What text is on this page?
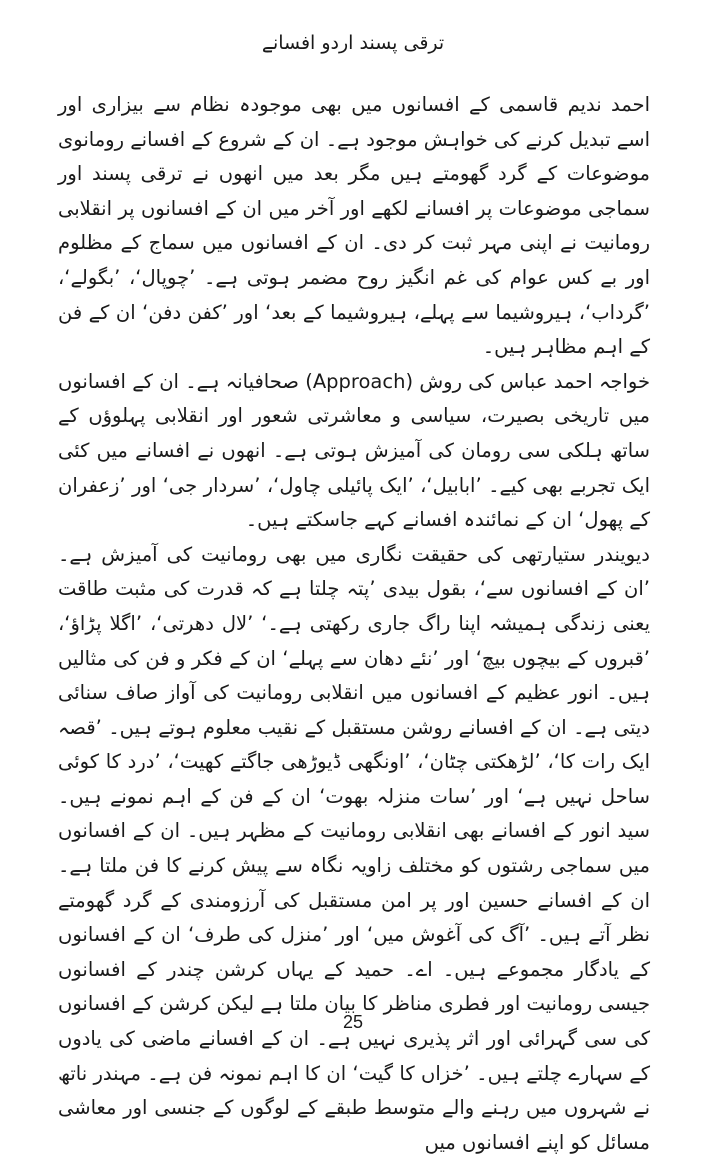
ترقی پسند اردو افسانے

احمد ندیم قاسمی کے افسانوں میں بھی موجودہ نظام سے بیزاری اور اسے تبدیل کرنے کی خواہش موجود ہے۔ ان کے شروع کے افسانے رومانوی موضوعات کے گرد گھومتے ہیں مگر بعد میں انھوں نے ترقی پسند اور سماجی موضوعات پر افسانے لکھے اور آخر میں ان کے افسانوں پر انقلابی رومانیت نے اپنی مہر ثبت کر دی۔ ان کے افسانوں میں سماج کے مظلوم اور بے کس عوام کی غم انگیز روح مضمر ہوتی ہے۔ ’چوپال‘، ’بگولے‘، ’گرداب‘، ہیروشیما سے پہلے، ہیروشیما کے بعد‘ اور ’کفن دفن‘ ان کے فن کے اہم مظاہر ہیں۔

خواجہ احمد عباس کی روش (Approach) صحافیانہ ہے۔ ان کے افسانوں میں تاریخی بصیرت، سیاسی و معاشرتی شعور اور انقلابی پہلوؤں کے ساتھ ہلکی سی رومان کی آمیزش ہوتی ہے۔ انھوں نے افسانے میں کئی ایک تجربے بھی کیے۔ ’ابابیل‘، ’ایک پائیلی چاول‘، ’سردار جی‘ اور ’زعفران کے پھول‘ ان کے نمائندہ افسانے کہے جاسکتے ہیں۔

دیویندر ستیارتھی کی حقیقت نگاری میں بھی رومانیت کی آمیزش ہے۔ ’ان کے افسانوں سے‘، بقول بیدی ’پتہ چلتا ہے کہ قدرت کی مثبت طاقت یعنی زندگی ہمیشہ اپنا راگ جاری رکھتی ہے۔‘ ’لال دھرتی‘، ’اگلا پڑاؤ‘، ’قبروں کے بیچوں بیچ‘ اور ’نئے دھان سے پہلے‘ ان کے فکر و فن کی مثالیں ہیں۔ انور عظیم کے افسانوں میں انقلابی رومانیت کی آواز صاف سنائی دیتی ہے۔ ان کے افسانے روشن مستقبل کے نقیب معلوم ہوتے ہیں۔ ’قصہ ایک رات کا‘، ’لڑھکتی چٹان‘، ’اونگھی ڈیوڑھی جاگتے کھیت‘، ’درد کا کوئی ساحل نہیں ہے‘ اور ’سات منزلہ بھوت‘ ان کے فن کے اہم نمونے ہیں۔ سید انور کے افسانے بھی انقلابی رومانیت کے مظہر ہیں۔ ان کے افسانوں میں سماجی رشتوں کو مختلف زاویہ نگاہ سے پیش کرنے کا فن ملتا ہے۔ ان کے افسانے حسین اور پر امن مستقبل کی آرزومندی کے گرد گھومتے نظر آتے ہیں۔ ’آگ کی آغوش میں‘ اور ’منزل کی طرف‘ ان کے افسانوں کے یادگار مجموعے ہیں۔ اے۔ حمید کے یہاں کرشن چندر کے افسانوں جیسی رومانیت اور فطری مناظر کا بیان ملتا ہے لیکن کرشن کے افسانوں کی سی گہرائی اور اثر پذیری نہیں ہے۔ ان کے افسانے ماضی کی یادوں کے سہارے چلتے ہیں۔ ’خزاں کا گیت‘ ان کا اہم نمونہ فن ہے۔ مہندر ناتھ نے شہروں میں رہنے والے متوسط طبقے کے لوگوں کے جنسی اور معاشی مسائل کو اپنے افسانوں میں

25
